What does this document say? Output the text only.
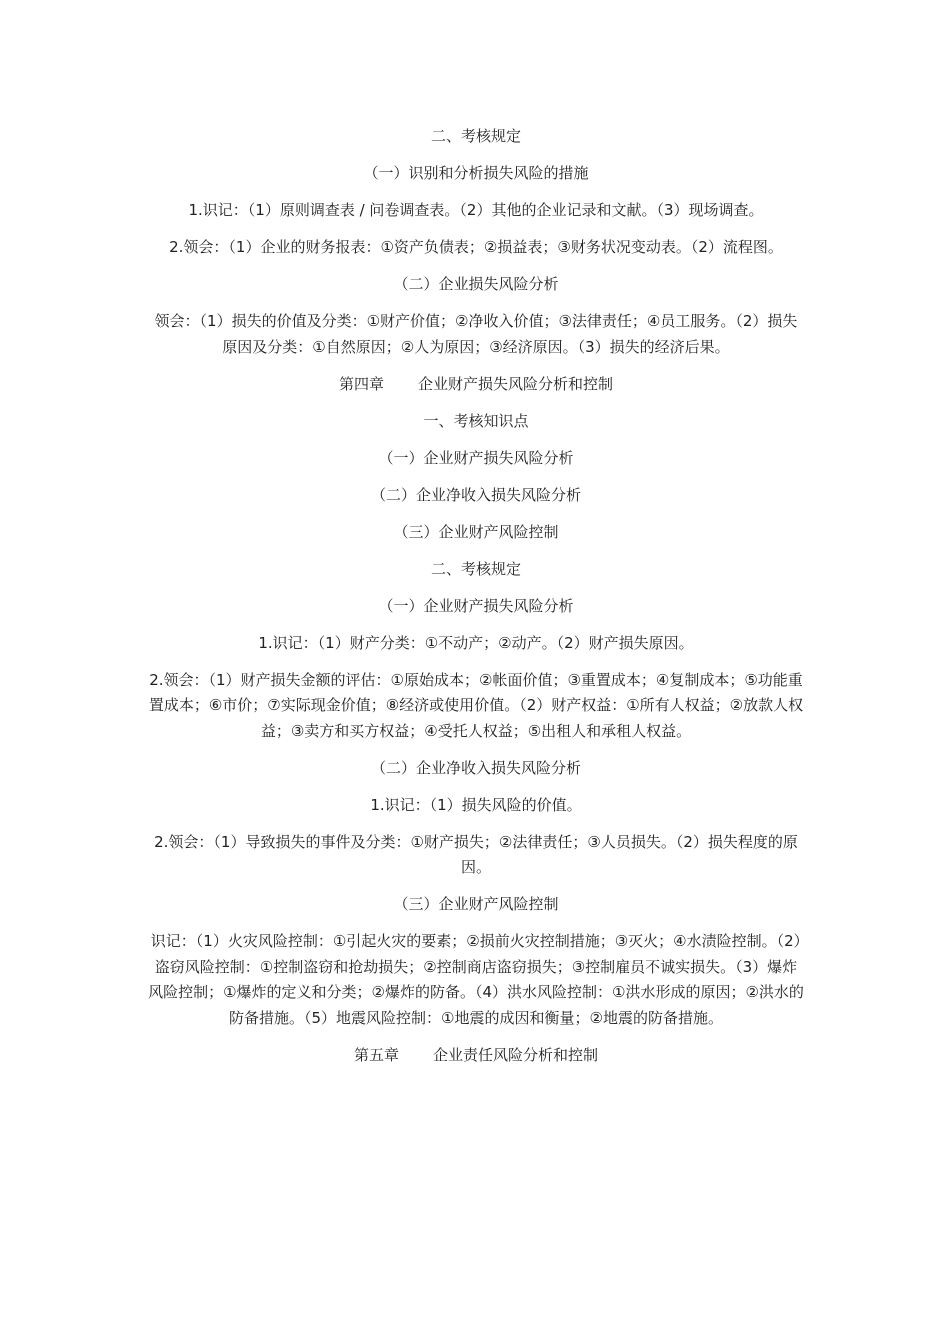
二、考核规定

（一）识别和分析损失风险的措施

1.识记：（1）原则调查表 / 问卷调查表。（2）其他的企业记录和文献。（3）现场调查。

2.领会：（1）企业的财务报表：①资产负债表；②损益表；③财务状况变动表。（2）流程图。

（二）企业损失风险分析

领会：（1）损失的价值及分类：①财产价值；②净收入价值；③法律责任；④员工服务。（2）损失原因及分类：①自然原因；②人为原因；③经济原因。（3）损失的经济后果。

第四章 企业财产损失风险分析和控制

一、考核知识点

（一）企业财产损失风险分析

（二）企业净收入损失风险分析

（三）企业财产风险控制

二、考核规定

（一）企业财产损失风险分析

1.识记：（1）财产分类：①不动产；②动产。（2）财产损失原因。

2.领会：（1）财产损失金额的评估：①原始成本；②帐面价值；③重置成本；④复制成本；⑤功能重置成本；⑥市价；⑦实际现金价值；⑧经济或使用价值。（2）财产权益：①所有人权益；②放款人权益；③卖方和买方权益；④受托人权益；⑤出租人和承租人权益。

（二）企业净收入损失风险分析

1.识记：（1）损失风险的价值。

2.领会：（1）导致损失的事件及分类：①财产损失；②法律责任；③人员损失。（2）损失程度的原因。

（三）企业财产风险控制

识记：（1）火灾风险控制：①引起火灾的要素；②损前火灾控制措施；③灭火；④水渍险控制。（2）盗窃风险控制：①控制盗窃和抢劫损失；②控制商店盗窃损失；③控制雇员不诚实损失。（3）爆炸风险控制；①爆炸的定义和分类；②爆炸的防备。（4）洪水风险控制：①洪水形成的原因；②洪水的防备措施。（5）地震风险控制：①地震的成因和衡量；②地震的防备措施。

第五章 企业责任风险分析和控制
